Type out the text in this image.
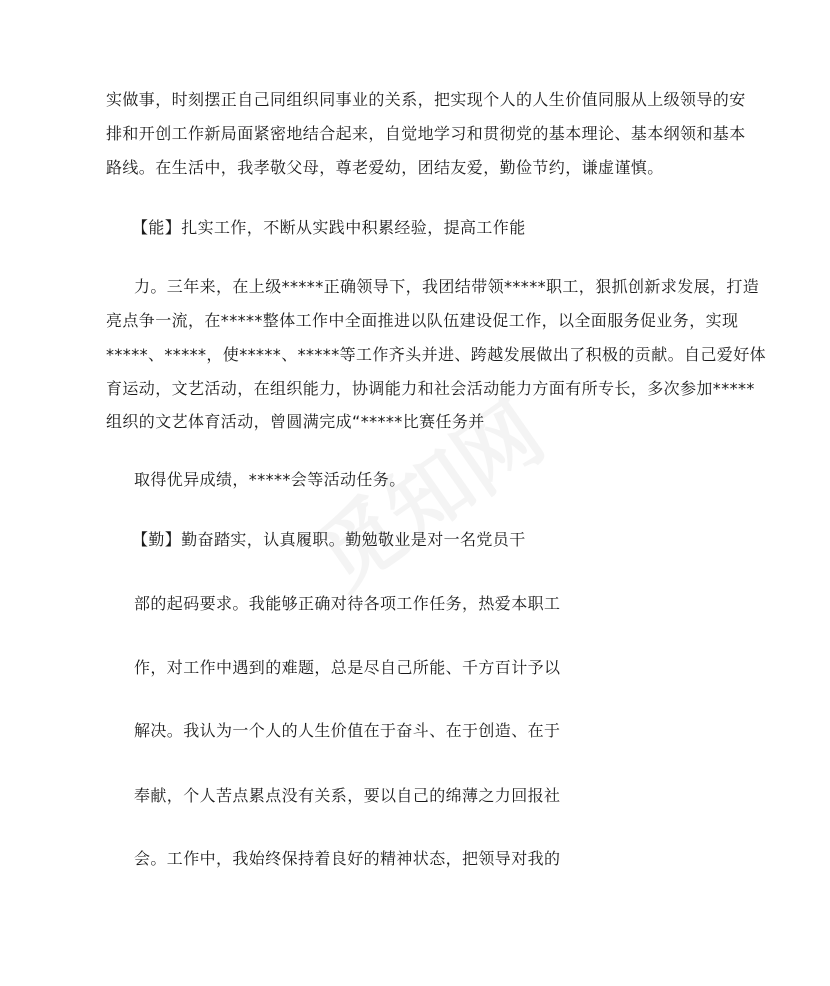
实做事，时刻摆正自己同组织同事业的关系，把实现个人的人生价值同服从上级领导的安
排和开创工作新局面紧密地结合起来，自觉地学习和贯彻党的基本理论、基本纲领和基本
路线。在生活中，我孝敬父母，尊老爱幼，团结友爱，勤俭节约，谦虚谨慎。
【能】扎实工作，不断从实践中积累经验，提高工作能
力。三年来，在上级*****正确领导下，我团结带领*****职工，狠抓创新求发展，打造
亮点争一流，在*****整体工作中全面推进以队伍建设促工作，以全面服务促业务，实现
*****、*****，使*****、*****等工作齐头并进、跨越发展做出了积极的贡献。自己爱好体
育运动，文艺活动，在组织能力，协调能力和社会活动能力方面有所专长，多次参加*****
组织的文艺体育活动，曾圆满完成“*****比赛任务并
取得优异成绩，*****会等活动任务。
【勤】勤奋踏实，认真履职。勤勉敬业是对一名党员干
部的起码要求。我能够正确对待各项工作任务，热爱本职工
作，对工作中遇到的难题，总是尽自己所能、千方百计予以
解决。我认为一个人的人生价值在于奋斗、在于创造、在于
奉献，个人苦点累点没有关系，要以自己的绵薄之力回报社
会。工作中，我始终保持着良好的精神状态，把领导对我的
